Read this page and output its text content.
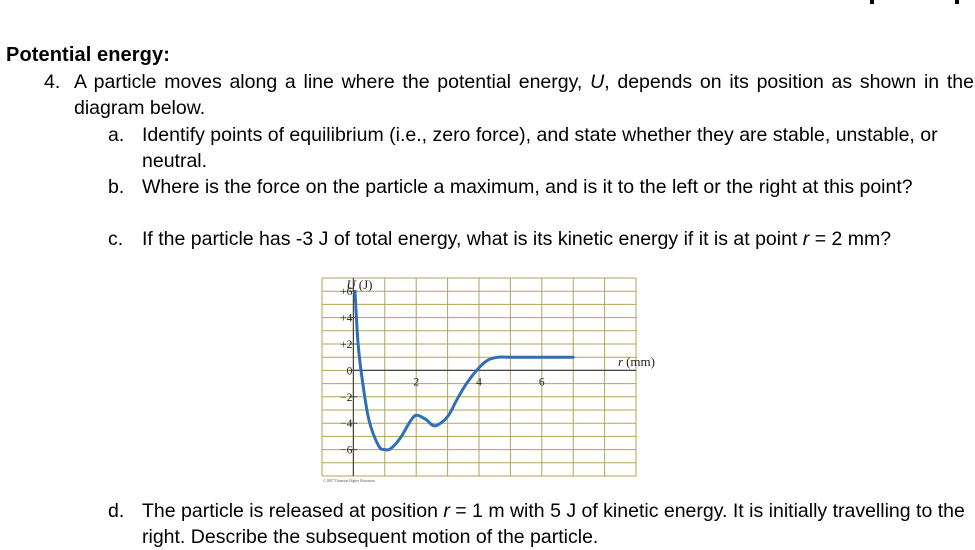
Potential energy:
4. A particle moves along a line where the potential energy, U, depends on its position as shown in the diagram below.
a. Identify points of equilibrium (i.e., zero force), and state whether they are stable, unstable, or neutral.
b. Where is the force on the particle a maximum, and is it to the left or the right at this point?
c. If the particle has -3 J of total energy, what is its kinetic energy if it is at point r = 2 mm?
+6
+4
+2
0
−2
−4
−6
2	4	6
U (J)
r (mm)
© 2007 Thomson Higher Education
d. The particle is released at position r = 1 m with 5 J of kinetic energy. It is initially travelling to the right. Describe the subsequent motion of the particle.
